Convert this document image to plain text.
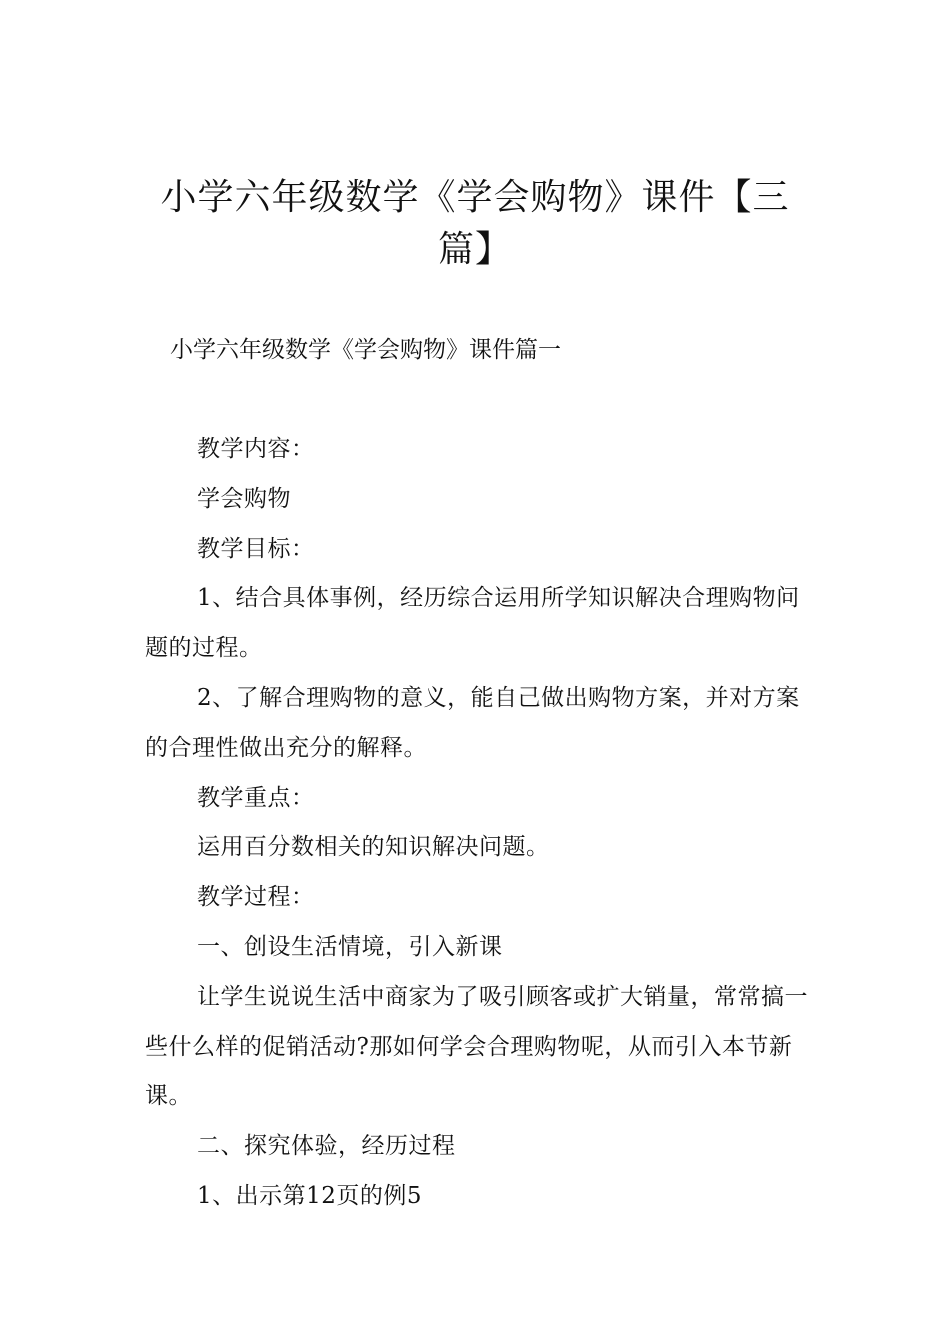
小学六年级数学《学会购物》课件【三篇】

小学六年级数学《学会购物》课件篇一

教学内容：

学会购物

教学目标：

1、结合具体事例，经历综合运用所学知识解决合理购物问题的过程。

2、了解合理购物的意义，能自己做出购物方案，并对方案的合理性做出充分的解释。

教学重点：

运用百分数相关的知识解决问题。

教学过程：

一、创设生活情境，引入新课

让学生说说生活中商家为了吸引顾客或扩大销量，常常搞一些什么样的促销活动?那如何学会合理购物呢，从而引入本节新课。

二、探究体验，经历过程

1、出示第12页的例5
